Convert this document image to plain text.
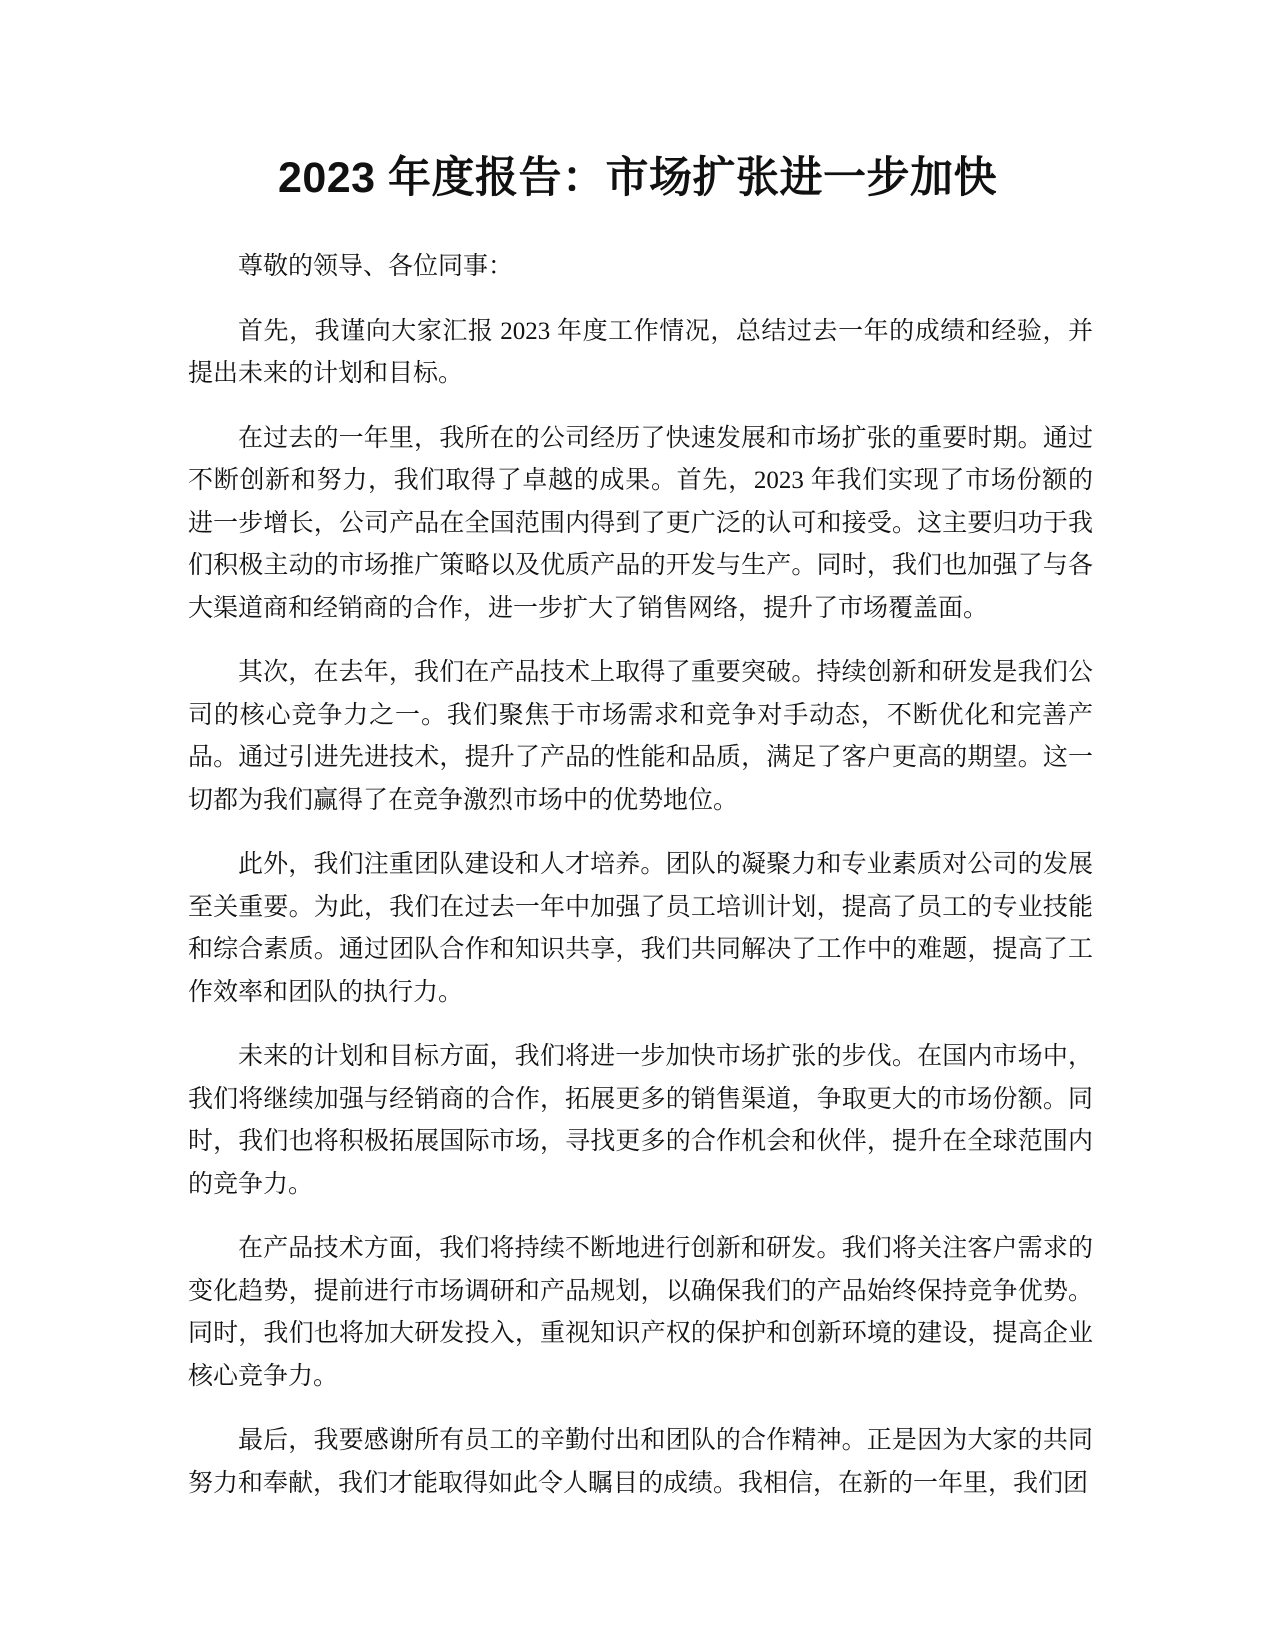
2023 年度报告：市场扩张进一步加快

尊敬的领导、各位同事：

首先，我谨向大家汇报 2023 年度工作情况，总结过去一年的成绩和经验，并提出未来的计划和目标。

在过去的一年里，我所在的公司经历了快速发展和市场扩张的重要时期。通过不断创新和努力，我们取得了卓越的成果。首先，2023 年我们实现了市场份额的进一步增长，公司产品在全国范围内得到了更广泛的认可和接受。这主要归功于我们积极主动的市场推广策略以及优质产品的开发与生产。同时，我们也加强了与各大渠道商和经销商的合作，进一步扩大了销售网络，提升了市场覆盖面。

其次，在去年，我们在产品技术上取得了重要突破。持续创新和研发是我们公司的核心竞争力之一。我们聚焦于市场需求和竞争对手动态，不断优化和完善产品。通过引进先进技术，提升了产品的性能和品质，满足了客户更高的期望。这一切都为我们赢得了在竞争激烈市场中的优势地位。

此外，我们注重团队建设和人才培养。团队的凝聚力和专业素质对公司的发展至关重要。为此，我们在过去一年中加强了员工培训计划，提高了员工的专业技能和综合素质。通过团队合作和知识共享，我们共同解决了工作中的难题，提高了工作效率和团队的执行力。

未来的计划和目标方面，我们将进一步加快市场扩张的步伐。在国内市场中，我们将继续加强与经销商的合作，拓展更多的销售渠道，争取更大的市场份额。同时，我们也将积极拓展国际市场，寻找更多的合作机会和伙伴，提升在全球范围内的竞争力。

在产品技术方面，我们将持续不断地进行创新和研发。我们将关注客户需求的变化趋势，提前进行市场调研和产品规划，以确保我们的产品始终保持竞争优势。同时，我们也将加大研发投入，重视知识产权的保护和创新环境的建设，提高企业核心竞争力。

最后，我要感谢所有员工的辛勤付出和团队的合作精神。正是因为大家的共同努力和奉献，我们才能取得如此令人瞩目的成绩。我相信，在新的一年里，我们团
